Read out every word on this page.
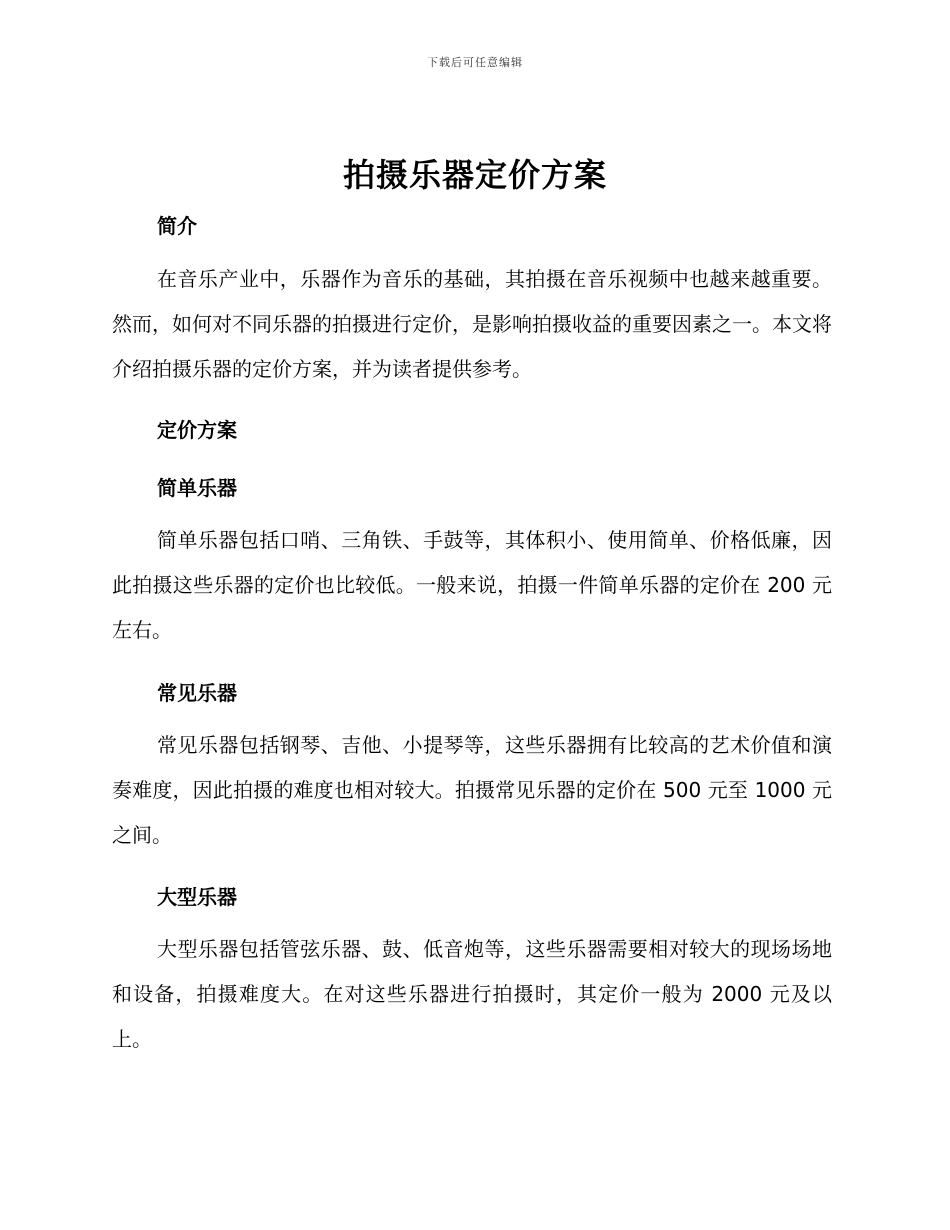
下载后可任意编辑
拍摄乐器定价方案
简介

在音乐产业中，乐器作为音乐的基础，其拍摄在音乐视频中也越来越重要。然而，如何对不同乐器的拍摄进行定价，是影响拍摄收益的重要因素之一。本文将介绍拍摄乐器的定价方案，并为读者提供参考。

定价方案
简单乐器

简单乐器包括口哨、三角铁、手鼓等，其体积小、使用简单、价格低廉，因此拍摄这些乐器的定价也比较低。一般来说，拍摄一件简单乐器的定价在 200 元左右。

常见乐器

常见乐器包括钢琴、吉他、小提琴等，这些乐器拥有比较高的艺术价值和演奏难度，因此拍摄的难度也相对较大。拍摄常见乐器的定价在 500 元至 1000 元之间。

大型乐器

大型乐器包括管弦乐器、鼓、低音炮等，这些乐器需要相对较大的现场场地和设备，拍摄难度大。在对这些乐器进行拍摄时，其定价一般为 2000 元及以上。
